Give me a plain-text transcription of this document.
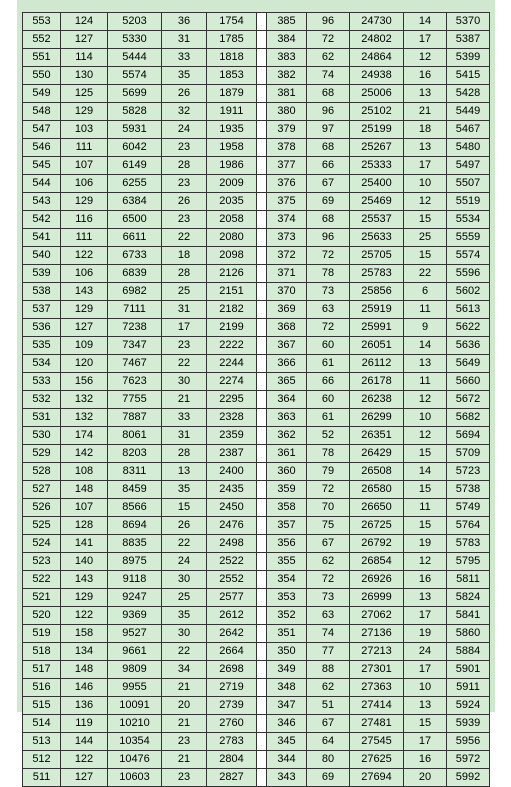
553	124	5203	36	1754		385	96	24730	14	5370
552	127	5330	31	1785		384	72	24802	17	5387
551	114	5444	33	1818		383	62	24864	12	5399
550	130	5574	35	1853		382	74	24938	16	5415
549	125	5699	26	1879		381	68	25006	13	5428
548	129	5828	32	1911		380	96	25102	21	5449
547	103	5931	24	1935		379	97	25199	18	5467
546	111	6042	23	1958		378	68	25267	13	5480
545	107	6149	28	1986		377	66	25333	17	5497
544	106	6255	23	2009		376	67	25400	10	5507
543	129	6384	26	2035		375	69	25469	12	5519
542	116	6500	23	2058		374	68	25537	15	5534
541	111	6611	22	2080		373	96	25633	25	5559
540	122	6733	18	2098		372	72	25705	15	5574
539	106	6839	28	2126		371	78	25783	22	5596
538	143	6982	25	2151		370	73	25856	6	5602
537	129	7111	31	2182		369	63	25919	11	5613
536	127	7238	17	2199		368	72	25991	9	5622
535	109	7347	23	2222		367	60	26051	14	5636
534	120	7467	22	2244		366	61	26112	13	5649
533	156	7623	30	2274		365	66	26178	11	5660
532	132	7755	21	2295		364	60	26238	12	5672
531	132	7887	33	2328		363	61	26299	10	5682
530	174	8061	31	2359		362	52	26351	12	5694
529	142	8203	28	2387		361	78	26429	15	5709
528	108	8311	13	2400		360	79	26508	14	5723
527	148	8459	35	2435		359	72	26580	15	5738
526	107	8566	15	2450		358	70	26650	11	5749
525	128	8694	26	2476		357	75	26725	15	5764
524	141	8835	22	2498		356	67	26792	19	5783
523	140	8975	24	2522		355	62	26854	12	5795
522	143	9118	30	2552		354	72	26926	16	5811
521	129	9247	25	2577		353	73	26999	13	5824
520	122	9369	35	2612		352	63	27062	17	5841
519	158	9527	30	2642		351	74	27136	19	5860
518	134	9661	22	2664		350	77	27213	24	5884
517	148	9809	34	2698		349	88	27301	17	5901
516	146	9955	21	2719		348	62	27363	10	5911
515	136	10091	20	2739		347	51	27414	13	5924
514	119	10210	21	2760		346	67	27481	15	5939
513	144	10354	23	2783		345	64	27545	17	5956
512	122	10476	21	2804		344	80	27625	16	5972
511	127	10603	23	2827		343	69	27694	20	5992
